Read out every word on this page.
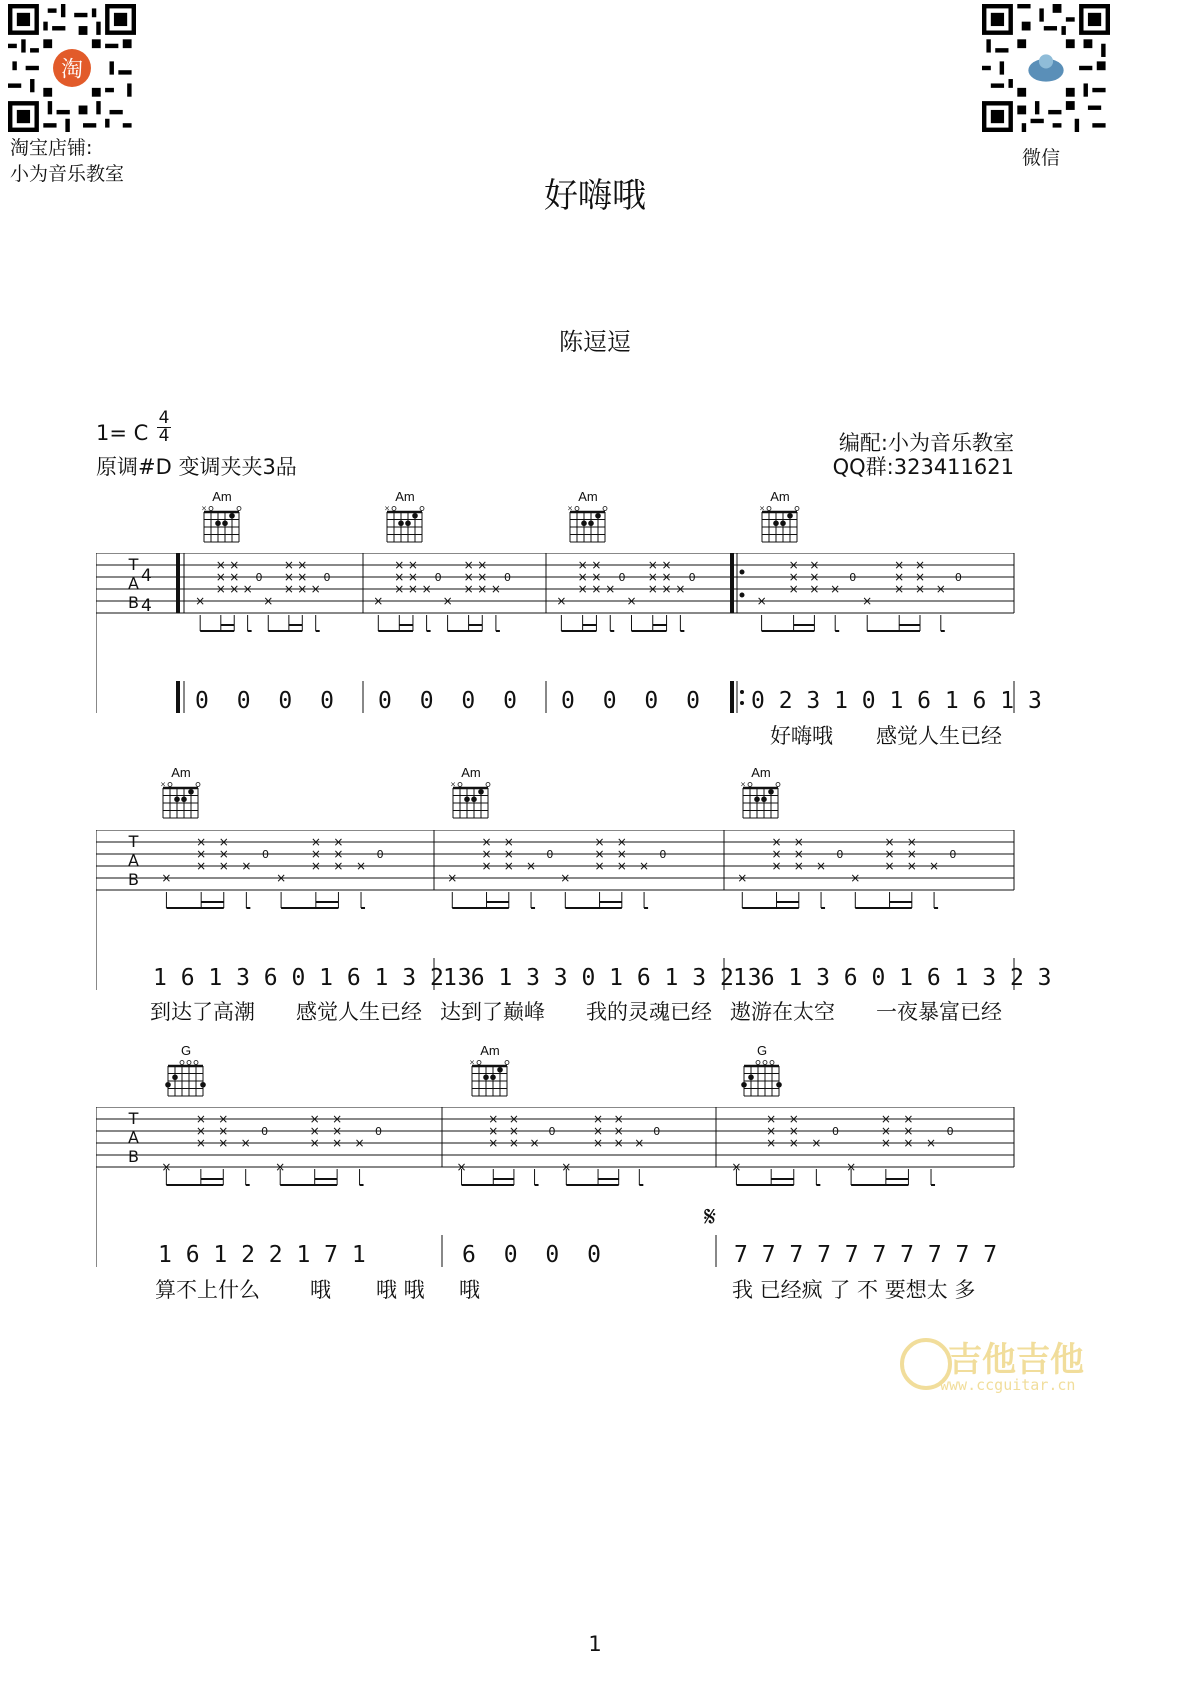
淘
淘宝店铺:
小为音乐教室
微信
好嗨哦
陈逗逗
1= C
4
4
原调#D 变调夹夹3品
编配:小为音乐教室
QQ群:323411621
Am
×
Am
×
Am
×
Am
×
×
×
×
×
×
×
× ×
0
×
×
×
×
×
×
× ×
0
×
×
×
×
×
×
× ×
0
×
×
×
×
×
×
× ×
0
×
×
×
×
×
×
× ×
0
×
×
×
×
×
×
× ×
0
×
×
×
×
×
×
× ×
0
×
×
×
×
×
×
× ×
0
T
A
B
4
4
0 0 0 0 0 0 0 0 0 0 0 0 0 2 3 1 0 1 6 1 6 1 3
好嗨哦 感觉人生已经
Am
×
Am
×
Am
×
×
×
×
×
×
×
× ×
0
×
×
×
×
×
×
× ×
0
×
×
×
×
×
×
× ×
0
×
×
×
×
×
×
× ×
0
×
×
×
×
×
×
× ×
0
×
×
×
×
×
×
× ×
0
T
A
B
1 6 1 3 6 0 1 6 1 3 2 3
1 6 1 3 3 0 1 6 1 3 2 3
1 6 1 3 6 0 1 6 1 3 2 3
到达了高潮 感觉人生已经 达到了巅峰 我的灵魂已经 遨游在太空 一夜暴富已经
G	Am
×
G
×
×
×
×
×
×
× ×
0
×
×
×
×
×
×
× ×
0
×
×
×
×
×
×
× ×
0
×
×
×
×
×
×
× ×
0
×
×
×
×
×
×
× ×
0
×
×
×
×
×
×
× ×
0
T
A
B
𝄋
1 6 1 2 2 1 7 1	6 0 0 0	7 7 7 7 7 7 7 7 7 7
算不上什么 哦 哦 哦 哦	我 已经疯 了 不 要想太 多
吉他吉他
www.ccguitar.cn
1
